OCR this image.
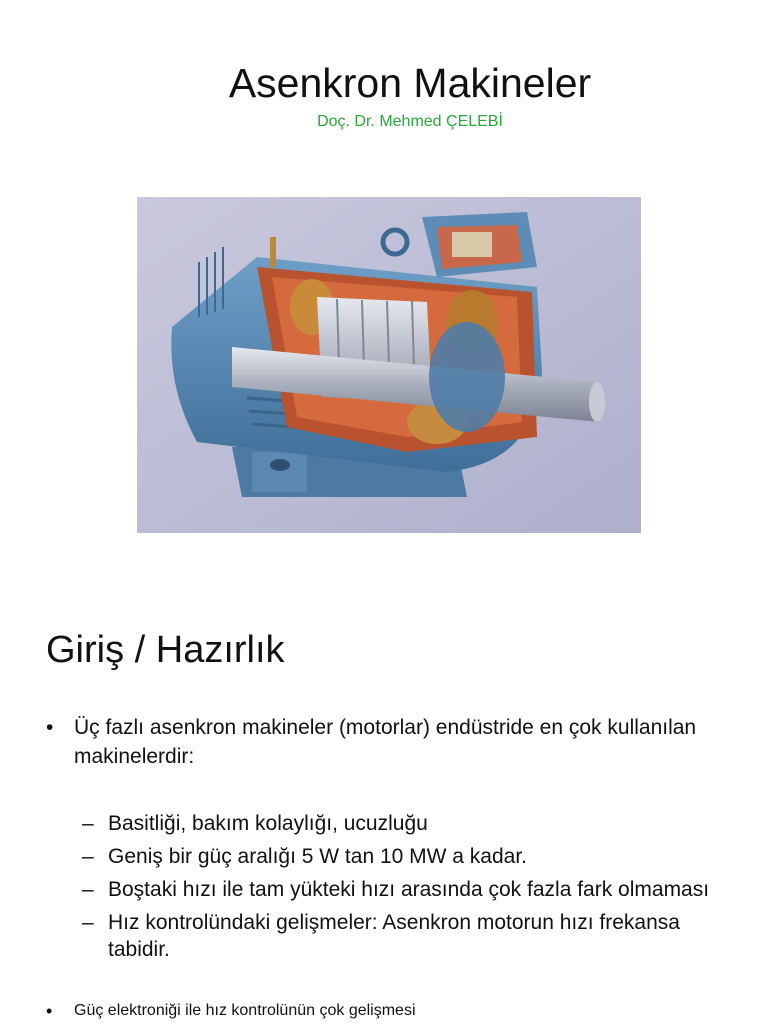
Asenkron Makineler
Doç. Dr. Mehmed ÇELEBİ
Giriş / Hazırlık
• Üç fazlı asenkron makineler (motorlar) endüstride en çok kullanılan makinelerdir:
– Basitliği, bakım kolaylığı, ucuzluğu
– Geniş bir güç aralığı 5 W tan 10 MW a kadar.
– Boştaki hızı ile tam yükteki hızı arasında çok fazla fark olmaması
– Hız kontrolündaki gelişmeler: Asenkron motorun hızı frekansa tabidir.
• Güç elektroniği ile hız kontrolünün çok gelişmesi
